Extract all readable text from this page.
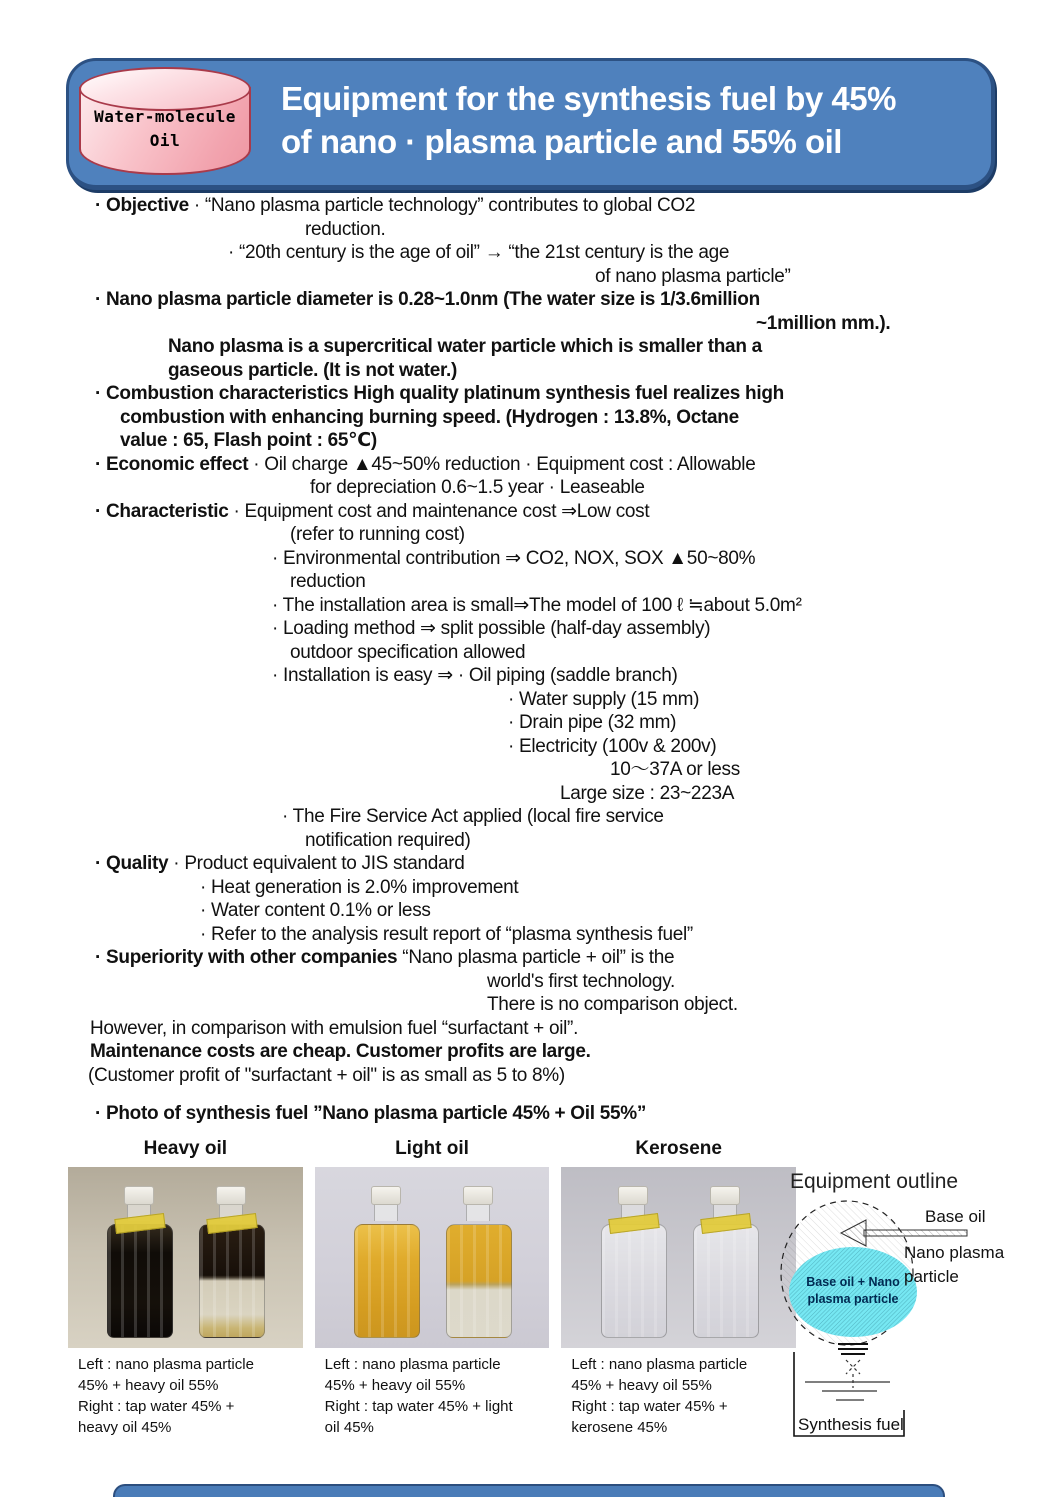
Water-molecule
Oil
Equipment for the synthesis fuel by 45%
of nano · plasma particle and 55% oil
· Objective · “Nano plasma particle technology” contributes to global CO2
reduction.
· “20th century is the age of oil” → “the 21st century is the age
of nano plasma particle”
· Nano plasma particle diameter is 0.28~1.0nm (The water size is 1/3.6million
~1million mm.).
Nano plasma is a supercritical water particle which is smaller than a
gaseous particle. (It is not water.)
· Combustion characteristics High quality platinum synthesis fuel realizes high
combustion with enhancing burning speed. (Hydrogen : 13.8%, Octane
value : 65, Flash point : 65℃)
· Economic effect · Oil charge ▲45~50% reduction · Equipment cost : Allowable
for depreciation 0.6~1.5 year · Leaseable
· Characteristic · Equipment cost and maintenance cost ⇒Low cost
(refer to running cost)
· Environmental contribution ⇒ CO2, NOX, SOX ▲50~80%
reduction
· The installation area is small⇒The model of 100 ℓ ≒about 5.0m²
· Loading method ⇒ split possible (half-day assembly)
outdoor specification allowed
· Installation is easy ⇒ · Oil piping (saddle branch)
· Water supply (15 mm)
· Drain pipe (32 mm)
· Electricity (100v & 200v)
10〜37A or less
Large size : 23~223A
· The Fire Service Act applied (local fire service
notification required)
· Quality · Product equivalent to JIS standard
· Heat generation is 2.0% improvement
· Water content 0.1% or less
· Refer to the analysis result report of “plasma synthesis fuel”
· Superiority with other companies “Nano plasma particle + oil” is the
world's first technology.
There is no comparison object.
However, in comparison with emulsion fuel “surfactant + oil”.
Maintenance costs are cheap. Customer profits are large.
(Customer profit of "surfactant + oil" is as small as 5 to 8%)
· Photo of synthesis fuel ”Nano plasma particle 45% + Oil 55%”
Heavy oil
Left : nano plasma particle
45% + heavy oil 55%
Right : tap water 45% +
heavy oil 45%
Light oil
Left : nano plasma particle
45% + heavy oil 55%
Right : tap water 45% + light
oil 45%
Kerosene
Left : nano plasma particle
45% + heavy oil 55%
Right : tap water 45% +
kerosene 45%
Equipment outline
Base oil + Nano
plasma particle
Base oil
Nano plasma
particle
Synthesis fuel
